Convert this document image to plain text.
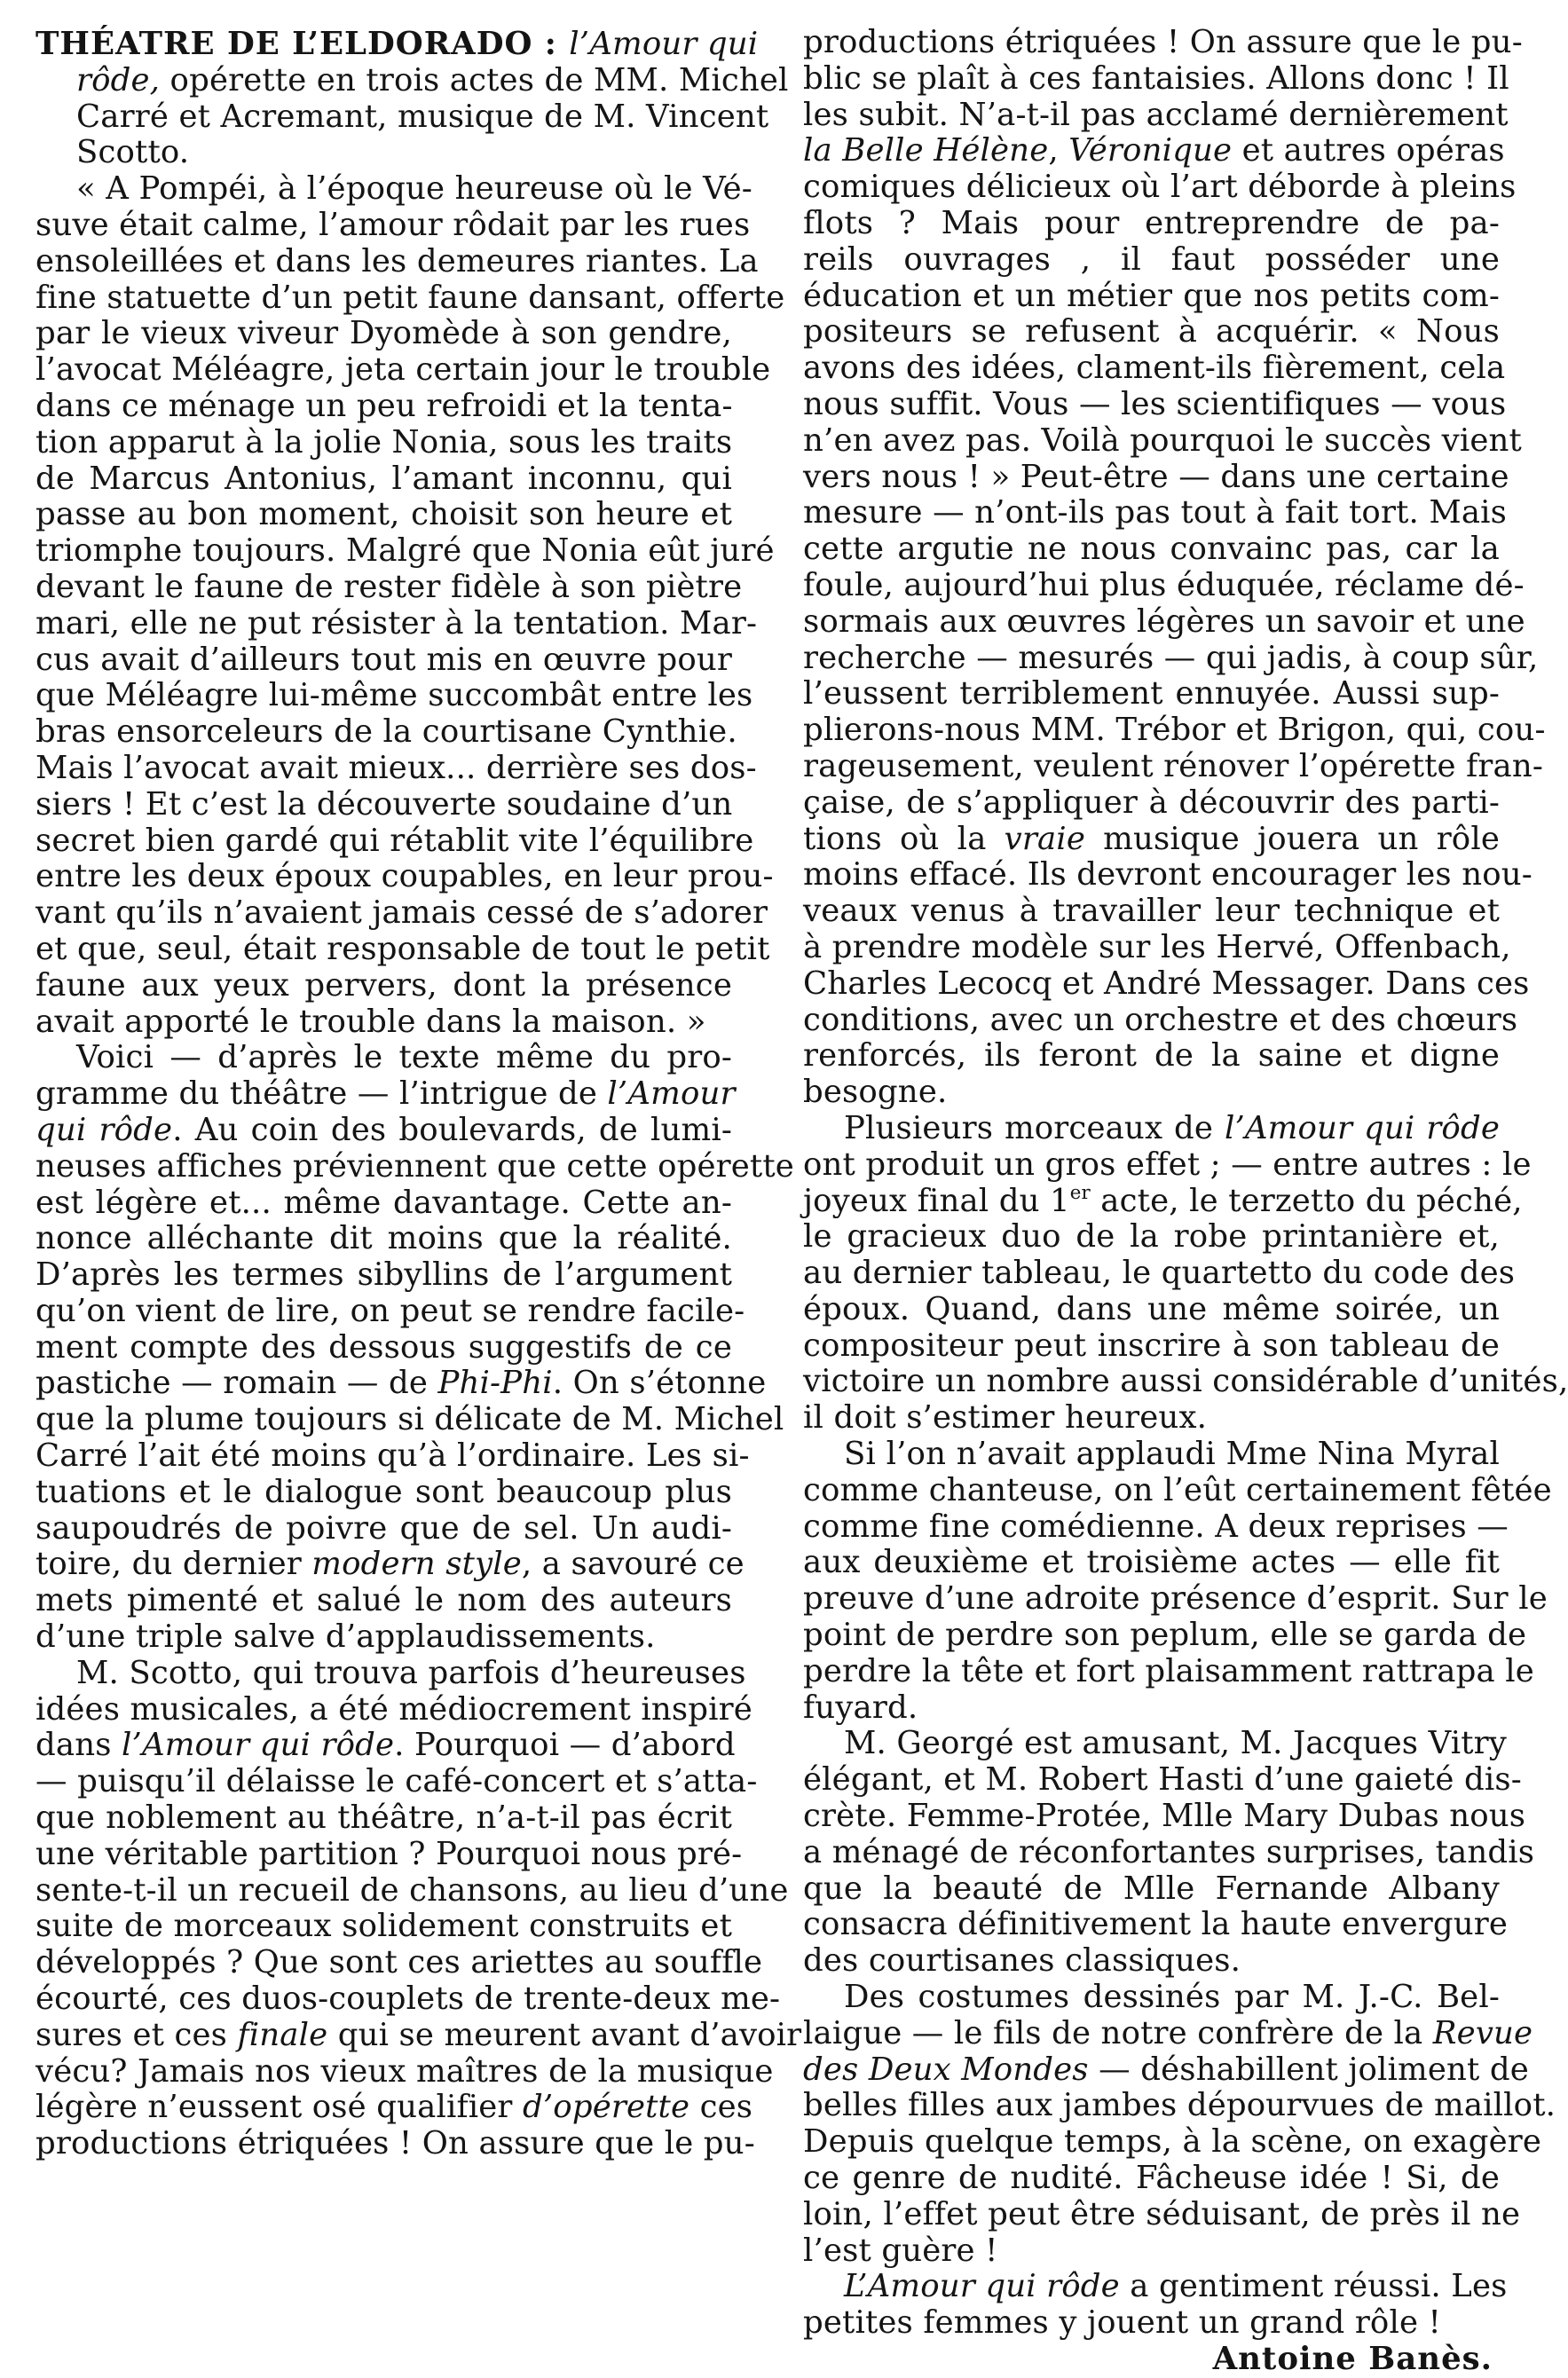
THÉATRE DE L’ELDORADO : l’Amour qui
rôde, opérette en trois actes de MM. Michel
Carré et Acremant, musique de M. Vincent
Scotto.
« A Pompéi, à l’époque heureuse où le Vé-
suve était calme, l’amour rôdait par les rues
ensoleillées et dans les demeures riantes. La
fine statuette d’un petit faune dansant, offerte
par le vieux viveur Dyomède à son gendre,
l’avocat Méléagre, jeta certain jour le trouble
dans ce ménage un peu refroidi et la tenta-
tion apparut à la jolie Nonia, sous les traits
de Marcus Antonius, l’amant inconnu, qui
passe au bon moment, choisit son heure et
triomphe toujours. Malgré que Nonia eût juré
devant le faune de rester fidèle à son piètre
mari, elle ne put résister à la tentation. Mar-
cus avait d’ailleurs tout mis en œuvre pour
que Méléagre lui-même succombât entre les
bras ensorceleurs de la courtisane Cynthie.
Mais l’avocat avait mieux... derrière ses dos-
siers ! Et c’est la découverte soudaine d’un
secret bien gardé qui rétablit vite l’équilibre
entre les deux époux coupables, en leur prou-
vant qu’ils n’avaient jamais cessé de s’adorer
et que, seul, était responsable de tout le petit
faune aux yeux pervers, dont la présence
avait apporté le trouble dans la maison. »
Voici — d’après le texte même du pro-
gramme du théâtre — l’intrigue de l’Amour
qui rôde. Au coin des boulevards, de lumi-
neuses affiches préviennent que cette opérette
est légère et... même davantage. Cette an-
nonce alléchante dit moins que la réalité.
D’après les termes sibyllins de l’argument
qu’on vient de lire, on peut se rendre facile-
ment compte des dessous suggestifs de ce
pastiche — romain — de Phi-Phi. On s’étonne
que la plume toujours si délicate de M. Michel
Carré l’ait été moins qu’à l’ordinaire. Les si-
tuations et le dialogue sont beaucoup plus
saupoudrés de poivre que de sel. Un audi-
toire, du dernier modern style, a savouré ce
mets pimenté et salué le nom des auteurs
d’une triple salve d’applaudissements.
M. Scotto, qui trouva parfois d’heureuses
idées musicales, a été médiocrement inspiré
dans l’Amour qui rôde. Pourquoi — d’abord
— puisqu’il délaisse le café-concert et s’atta-
que noblement au théâtre, n’a-t-il pas écrit
une véritable partition ? Pourquoi nous pré-
sente-t-il un recueil de chansons, au lieu d’une
suite de morceaux solidement construits et
développés ? Que sont ces ariettes au souffle
écourté, ces duos-couplets de trente-deux me-
sures et ces finale qui se meurent avant d’avoir
vécu? Jamais nos vieux maîtres de la musique
légère n’eussent osé qualifier d’opérette ces
productions étriquées ! On assure que le pu-
productions étriquées ! On assure que le pu-
blic se plaît à ces fantaisies. Allons donc ! Il
les subit. N’a-t-il pas acclamé dernièrement
la Belle Hélène, Véronique et autres opéras
comiques délicieux où l’art déborde à pleins
flots ? Mais pour entreprendre de pa-
reils ouvrages , il faut posséder une
éducation et un métier que nos petits com-
positeurs se refusent à acquérir. « Nous
avons des idées, clament-ils fièrement, cela
nous suffit. Vous — les scientifiques — vous
n’en avez pas. Voilà pourquoi le succès vient
vers nous ! » Peut-être — dans une certaine
mesure — n’ont-ils pas tout à fait tort. Mais
cette argutie ne nous convainc pas, car la
foule, aujourd’hui plus éduquée, réclame dé-
sormais aux œuvres légères un savoir et une
recherche — mesurés — qui jadis, à coup sûr,
l’eussent terriblement ennuyée. Aussi sup-
plierons-nous MM. Trébor et Brigon, qui, cou-
rageusement, veulent rénover l’opérette fran-
çaise, de s’appliquer à découvrir des parti-
tions où la vraie musique jouera un rôle
moins effacé. Ils devront encourager les nou-
veaux venus à travailler leur technique et
à prendre modèle sur les Hervé, Offenbach,
Charles Lecocq et André Messager. Dans ces
conditions, avec un orchestre et des chœurs
renforcés, ils feront de la saine et digne
besogne.
Plusieurs morceaux de l’Amour qui rôde
ont produit un gros effet ; — entre autres : le
joyeux final du 1er acte, le terzetto du péché,
le gracieux duo de la robe printanière et,
au dernier tableau, le quartetto du code des
époux. Quand, dans une même soirée, un
compositeur peut inscrire à son tableau de
victoire un nombre aussi considérable d’unités,
il doit s’estimer heureux.
Si l’on n’avait applaudi Mme Nina Myral
comme chanteuse, on l’eût certainement fêtée
comme fine comédienne. A deux reprises —
aux deuxième et troisième actes — elle fit
preuve d’une adroite présence d’esprit. Sur le
point de perdre son peplum, elle se garda de
perdre la tête et fort plaisamment rattrapa le
fuyard.
M. Georgé est amusant, M. Jacques Vitry
élégant, et M. Robert Hasti d’une gaieté dis-
crète. Femme-Protée, Mlle Mary Dubas nous
a ménagé de réconfortantes surprises, tandis
que la beauté de Mlle Fernande Albany
consacra définitivement la haute envergure
des courtisanes classiques.
Des costumes dessinés par M. J.-C. Bel-
laigue — le fils de notre confrère de la Revue
des Deux Mondes — déshabillent joliment de
belles filles aux jambes dépourvues de maillot.
Depuis quelque temps, à la scène, on exagère
ce genre de nudité. Fâcheuse idée ! Si, de
loin, l’effet peut être séduisant, de près il ne
l’est guère !
L’Amour qui rôde a gentiment réussi. Les
petites femmes y jouent un grand rôle !
Antoine Banès.
